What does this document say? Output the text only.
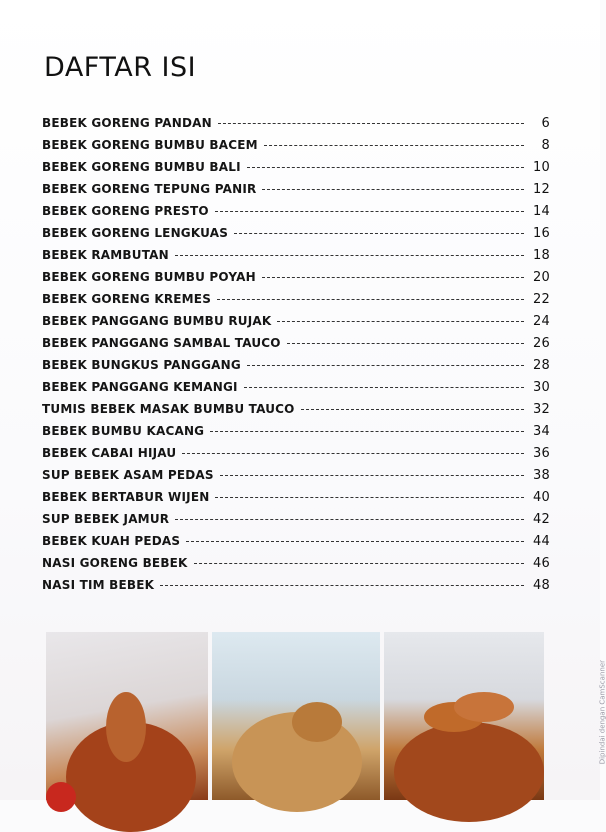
DAFTAR ISI
BEBEK GORENG PANDAN	6
BEBEK GORENG BUMBU BACEM	8
BEBEK GORENG BUMBU BALI	10
BEBEK GORENG TEPUNG PANIR	12
BEBEK GORENG PRESTO	14
BEBEK GORENG LENGKUAS	16
BEBEK RAMBUTAN	18
BEBEK GORENG BUMBU POYAH	20
BEBEK GORENG KREMES	22
BEBEK PANGGANG BUMBU RUJAK	24
BEBEK PANGGANG SAMBAL TAUCO	26
BEBEK BUNGKUS PANGGANG	28
BEBEK PANGGANG KEMANGI	30
TUMIS BEBEK MASAK BUMBU TAUCO	32
BEBEK BUMBU KACANG	34
BEBEK CABAI HIJAU	36
SUP BEBEK ASAM PEDAS	38
BEBEK BERTABUR WIJEN	40
SUP BEBEK JAMUR	42
BEBEK KUAH PEDAS	44
NASI GORENG BEBEK	46
NASI TIM BEBEK	48
Dipindai dengan CamScanner
